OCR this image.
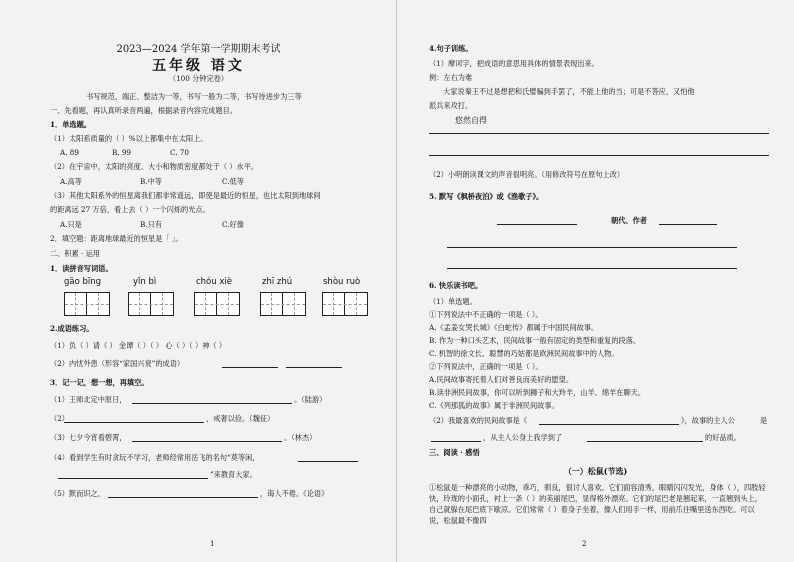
2023—2024 学年第一学期期末考试
五年级 语文
（100 分钟完卷）
书写规范、端正、整洁为一等，书写一般为二等，书写待进步为三等
一、先看题，再认真听录音两遍，根据录音内容完成题目。
1．单选题。
（1）太阳系质量的（ ）%以上都集中在太阳上。
A. 89	B. 99	C. 70
（2）在宇宙中，太阳的亮度、大小和物质密度都处于（ ）水平。
A.高等	B.中等	C.低等
（3）其他太阳系外的恒星离我们都非常遥远，即使是最近的恒星，也比太阳到地球间
的距离远 27 万倍，看上去（ ）一个闪烁的光点。
A.只是	B.只有	C.好像
2．填空题：距离地球最近的恒星是「 」。
二、积累 · 运用
1．读拼音写词语。
gāo bīng	yǐn bì	chóu xiè	zhī zhú	shòu ruò
2.成语练习。
（1）负（ ）请（ ） 金谭（ ）（ ） 心（ ）（ ）神（ ）
（2）内忧外患（形容“家国兴衰”的成语）
3．记一记，想一想，再填空。
（1）王师北定中原日，	。（陆游）
（2）	，戒奢以俭。（魏征）
（3）七夕今宵看碧霄，	。（林杰）
（4）看到学生有时贪玩不学习，老师经常用岳飞的名句“莫等闲，
”来教育大家。
（5）默而识之，	，诲人不倦。《论语》
1
4.句子训练。
（1）摩诃字，把成语的意思用具体的情景表现出来。
例：左右为难
大家说秦王不过是想把和氏璧骗到手罢了，不能上他的当；可是不答应，又怕他
派兵来攻打。
悠然自得
（2）小明朗读课文的声音很明亮。（用修改符号在原句上改）
5. 默写《枫桥夜泊》或《渔歌子》。
朝代、作者
6. 快乐读书吧。
（1）单选题。
①下列说法中不正确的一项是（ ）。
A.《孟姜女哭长城》《白蛇传》都属于中国民间故事。
B. 作为一种口头艺术，民间故事一般有固定的类型和重复的段落。
C. 机智的徐文长、聪慧的巧姑都是欧洲民间故事中的人物。
②下列说法中，正确的一项是（ ）。
A.民间故事寄托着人们对善良而美好的愿望。
B.读非洲民间故事，你可以听到狮子和大羚羊，山羊、绵羊在聊天。
C.《列那狐的故事》属于非洲民间故事。
（2）我最喜欢的民间故事是《	》，故事的主人公	是
，从主人公身上我学到了	的好品质。
三、阅读 · 感悟
（一）松鼠(节选)
①松鼠是一种漂亮的小动物，乖巧，驯良，很讨人喜欢。它们面容清秀，眼睛闪闪发光，身体（ ），四肢轻快，玲珑的小面孔，衬上一条（ ）的美丽尾巴，显得格外漂亮。它们的尾巴老是翘起来，一直翘到头上，自己就躲在尾巴底下歇凉。它们常常（ ）着身子坐着，像人们用手一样，用前爪往嘴里送东西吃。可以说，松鼠最不像四
2
